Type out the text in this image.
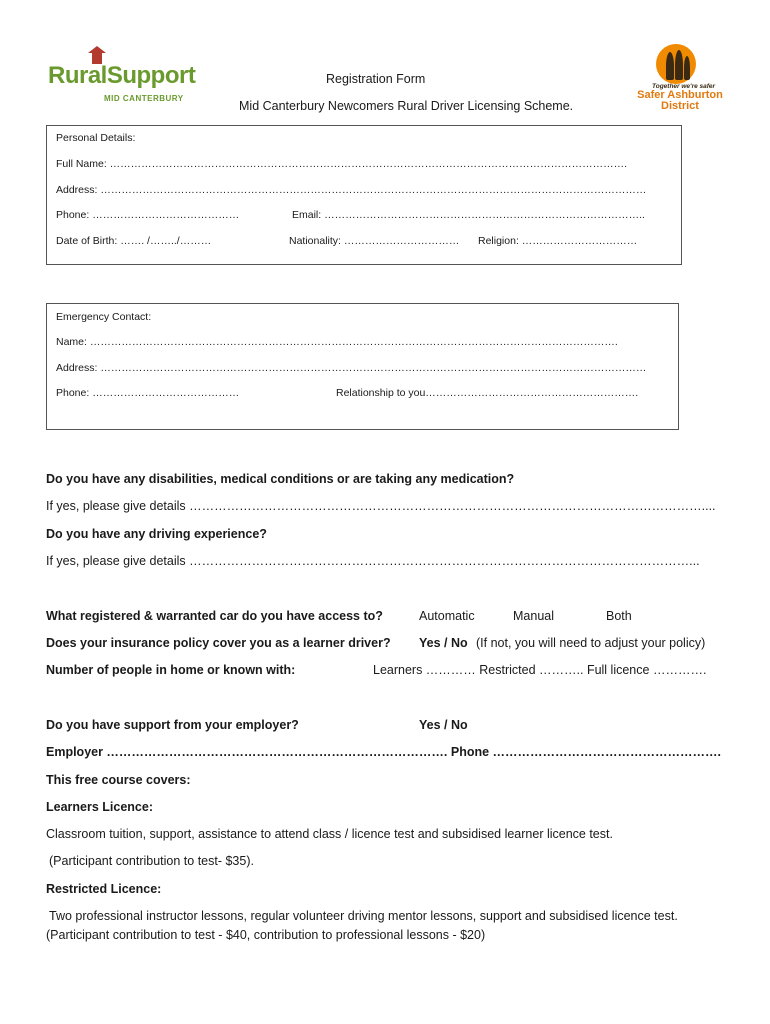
RuralSupport
MID CANTERBURY
Together we're safer
Safer Ashburton
District
Registration Form
Mid Canterbury Newcomers Rural Driver Licensing Scheme.
Personal Details:
Full Name: ………………………………………………………………………………………………………………………………….
Address: …………………………………………………………………………………………………………………………………………
Phone: ……………………………………	Email: ………………………………………………………………………………..
Date of Birth: ……. /……../………	Nationality: …………………………… Religion: ……………………………
Emergency Contact:
Name: …………………………………………………………………………………………………………………………………….
Address: …………………………………………………………………………………………………………………………………………
Phone: ……………………………………	Relationship to you…………………………………………………….
Do you have any disabilities, medical conditions or are taking any medication?
If yes, please give details ……………………………………………………………………………………………………………....
Do you have any driving experience?
If yes, please give details …………………………………………………………………………………………………………...
What registered & warranted car do you have access to?	Automatic	Manual	Both
Does your insurance policy cover you as a learner driver? Yes / No (If not, you will need to adjust your policy)
Number of people in home or known with:	Learners ………… Restricted ……….. Full licence ………….
Do you have support from your employer?	Yes / No
Employer ………………………………………………………………………. Phone ……………………………………………….
This free course covers:
Learners Licence:
Classroom tuition, support, assistance to attend class / licence test and subsidised learner licence test.
(Participant contribution to test- $35).
Restricted Licence:
Two professional instructor lessons, regular volunteer driving mentor lessons, support and subsidised licence test.
(Participant contribution to test - $40, contribution to professional lessons - $20)
